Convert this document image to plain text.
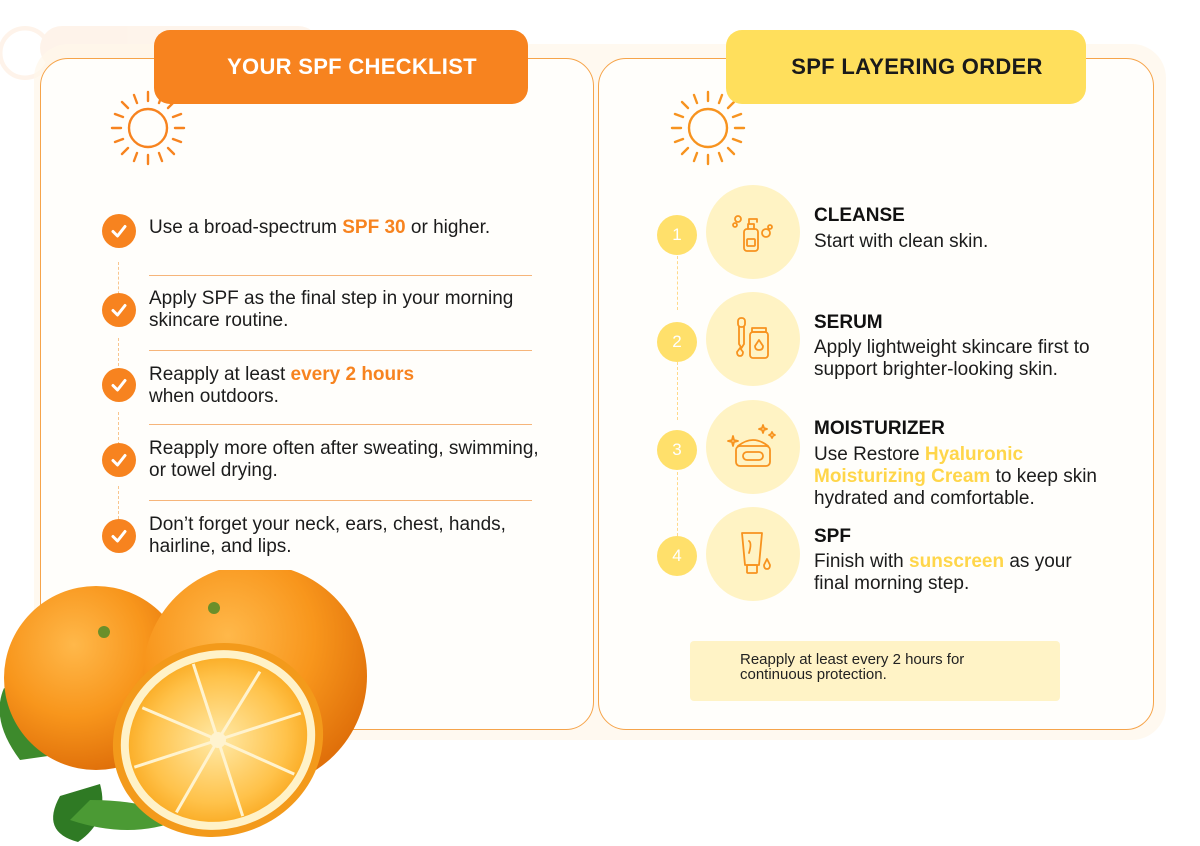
YOUR SPF CHECKLIST
Use a broad-spectrum SPF 30 or higher.
Apply SPF as the final step in your morning skincare routine.
Reapply at least every 2 hours when outdoors.
Reapply more often after sweating, swimming, or towel drying.
Don’t forget your neck, ears, chest, hands, hairline, and lips.
SPF LAYERING ORDER
1
CLEANSE
Start with clean skin.
2
SERUM
Apply lightweight skincare first to support brighter-looking skin.
3
MOISTURIZER
Use Restore Hyaluronic Moisturizing Cream to keep skin hydrated and comfortable.
4
SPF
Finish with sunscreen as your final morning step.
Reapply at least every 2 hours for continuous protection.
